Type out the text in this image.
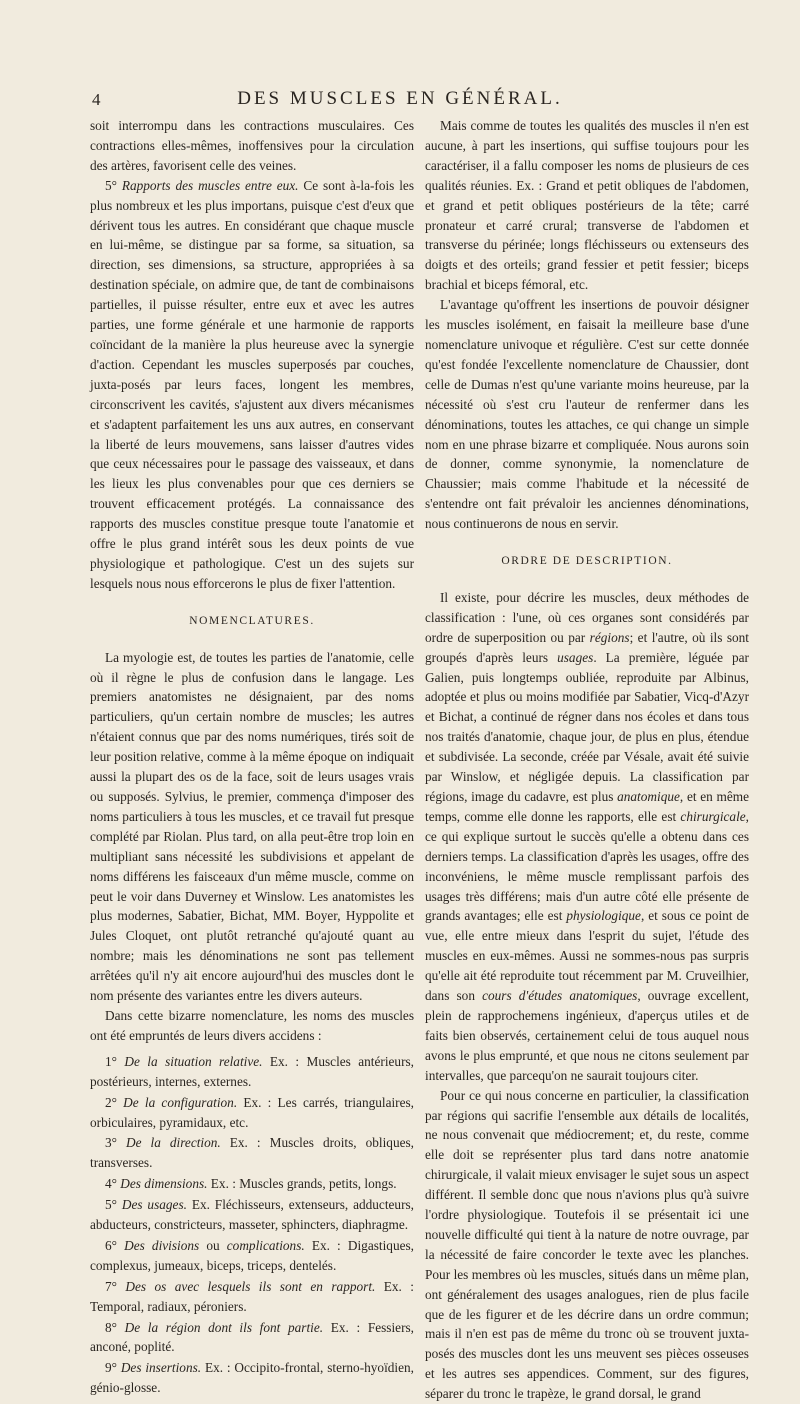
4	DES MUSCLES EN GÉNÉRAL.

soit interrompu dans les contractions musculaires. Ces contractions elles-mêmes, inoffensives pour la circulation des artères, favorisent celle des veines.

5° Rapports des muscles entre eux. Ce sont à-la-fois les plus nombreux et les plus importans, puisque c'est d'eux que dérivent tous les autres. En considérant que chaque muscle en lui-même, se distingue par sa forme, sa situation, sa direction, ses dimensions, sa structure, appropriées à sa destination spéciale, on admire que, de tant de combinaisons partielles, il puisse résulter, entre eux et avec les autres parties, une forme générale et une harmonie de rapports coïncidant de la manière la plus heureuse avec la synergie d'action. Cependant les muscles superposés par couches, juxta-posés par leurs faces, longent les membres, circonscrivent les cavités, s'ajustent aux divers mécanismes et s'adaptent parfaitement les uns aux autres, en conservant la liberté de leurs mouvemens, sans laisser d'autres vides que ceux nécessaires pour le passage des vaisseaux, et dans les lieux les plus convenables pour que ces derniers se trouvent efficacement protégés. La connaissance des rapports des muscles constitue presque toute l'anatomie et offre le plus grand intérêt sous les deux points de vue physiologique et pathologique. C'est un des sujets sur lesquels nous nous efforcerons le plus de fixer l'attention.

NOMENCLATURES.

La myologie est, de toutes les parties de l'anatomie, celle où il règne le plus de confusion dans le langage. Les premiers anatomistes ne désignaient, par des noms particuliers, qu'un certain nombre de muscles; les autres n'étaient connus que par des noms numériques, tirés soit de leur position relative, comme à la même époque on indiquait aussi la plupart des os de la face, soit de leurs usages vrais ou supposés. Sylvius, le premier, commença d'imposer des noms particuliers à tous les muscles, et ce travail fut presque complété par Riolan. Plus tard, on alla peut-être trop loin en multipliant sans nécessité les subdivisions et appelant de noms différens les faisceaux d'un même muscle, comme on peut le voir dans Duverney et Winslow. Les anatomistes les plus modernes, Sabatier, Bichat, MM. Boyer, Hyppolite et Jules Cloquet, ont plutôt retranché qu'ajouté quant au nombre; mais les dénominations ne sont pas tellement arrêtées qu'il n'y ait encore aujourd'hui des muscles dont le nom présente des variantes entre les divers auteurs.

Dans cette bizarre nomenclature, les noms des muscles ont été empruntés de leurs divers accidens :

1° De la situation relative. Ex. : Muscles antérieurs, postérieurs, internes, externes.

2° De la configuration. Ex. : Les carrés, triangulaires, orbiculaires, pyramidaux, etc.

3° De la direction. Ex. : Muscles droits, obliques, transverses.

4° Des dimensions. Ex. : Muscles grands, petits, longs.

5° Des usages. Ex. Fléchisseurs, extenseurs, adducteurs, abducteurs, constricteurs, masseter, sphincters, diaphragme.

6° Des divisions ou complications. Ex. : Digastiques, complexus, jumeaux, biceps, triceps, dentelés.

7° Des os avec lesquels ils sont en rapport. Ex. : Temporal, radiaux, péroniers.

8° De la région dont ils font partie. Ex. : Fessiers, anconé, poplité.

9° Des insertions. Ex. : Occipito-frontal, sterno-hyoïdien, génio-glosse.

Mais comme de toutes les qualités des muscles il n'en est aucune, à part les insertions, qui suffise toujours pour les caractériser, il a fallu composer les noms de plusieurs de ces qualités réunies. Ex. : Grand et petit obliques de l'abdomen, et grand et petit obliques postérieurs de la tête; carré pronateur et carré crural; transverse de l'abdomen et transverse du périnée; longs fléchisseurs ou extenseurs des doigts et des orteils; grand fessier et petit fessier; biceps brachial et biceps fémoral, etc.

L'avantage qu'offrent les insertions de pouvoir désigner les muscles isolément, en faisait la meilleure base d'une nomenclature univoque et régulière. C'est sur cette donnée qu'est fondée l'excellente nomenclature de Chaussier, dont celle de Dumas n'est qu'une variante moins heureuse, par la nécessité où s'est cru l'auteur de renfermer dans les dénominations, toutes les attaches, ce qui change un simple nom en une phrase bizarre et compliquée. Nous aurons soin de donner, comme synonymie, la nomenclature de Chaussier; mais comme l'habitude et la nécessité de s'entendre ont fait prévaloir les anciennes dénominations, nous continuerons de nous en servir.

ORDRE DE DESCRIPTION.

Il existe, pour décrire les muscles, deux méthodes de classification : l'une, où ces organes sont considérés par ordre de superposition ou par régions; et l'autre, où ils sont groupés d'après leurs usages. La première, léguée par Galien, puis longtemps oubliée, reproduite par Albinus, adoptée et plus ou moins modifiée par Sabatier, Vicq-d'Azyr et Bichat, a continué de régner dans nos écoles et dans tous nos traités d'anatomie, chaque jour, de plus en plus, étendue et subdivisée. La seconde, créée par Vésale, avait été suivie par Winslow, et négligée depuis. La classification par régions, image du cadavre, est plus anatomique, et en même temps, comme elle donne les rapports, elle est chirurgicale, ce qui explique surtout le succès qu'elle a obtenu dans ces derniers temps. La classification d'après les usages, offre des inconvéniens, le même muscle remplissant parfois des usages très différens; mais d'un autre côté elle présente de grands avantages; elle est physiologique, et sous ce point de vue, elle entre mieux dans l'esprit du sujet, l'étude des muscles en eux-mêmes. Aussi ne sommes-nous pas surpris qu'elle ait été reproduite tout récemment par M. Cruveilhier, dans son cours d'études anatomiques, ouvrage excellent, plein de rapprochemens ingénieux, d'aperçus utiles et de faits bien observés, certainement celui de tous auquel nous avons le plus emprunté, et que nous ne citons seulement par intervalles, que parcequ'on ne saurait toujours citer.

Pour ce qui nous concerne en particulier, la classification par régions qui sacrifie l'ensemble aux détails de localités, ne nous convenait que médiocrement; et, du reste, comme elle doit se représenter plus tard dans notre anatomie chirurgicale, il valait mieux envisager le sujet sous un aspect différent. Il semble donc que nous n'avions plus qu'à suivre l'ordre physiologique. Toutefois il se présentait ici une nouvelle difficulté qui tient à la nature de notre ouvrage, par la nécessité de faire concorder le texte avec les planches. Pour les membres où les muscles, situés dans un même plan, ont généralement des usages analogues, rien de plus facile que de les figurer et de les décrire dans un ordre commun; mais il n'en est pas de même du tronc où se trouvent juxta-posés des muscles dont les uns meuvent ses pièces osseuses et les autres ses appendices. Comment, sur des figures, séparer du tronc le trapèze, le grand dorsal, le grand
